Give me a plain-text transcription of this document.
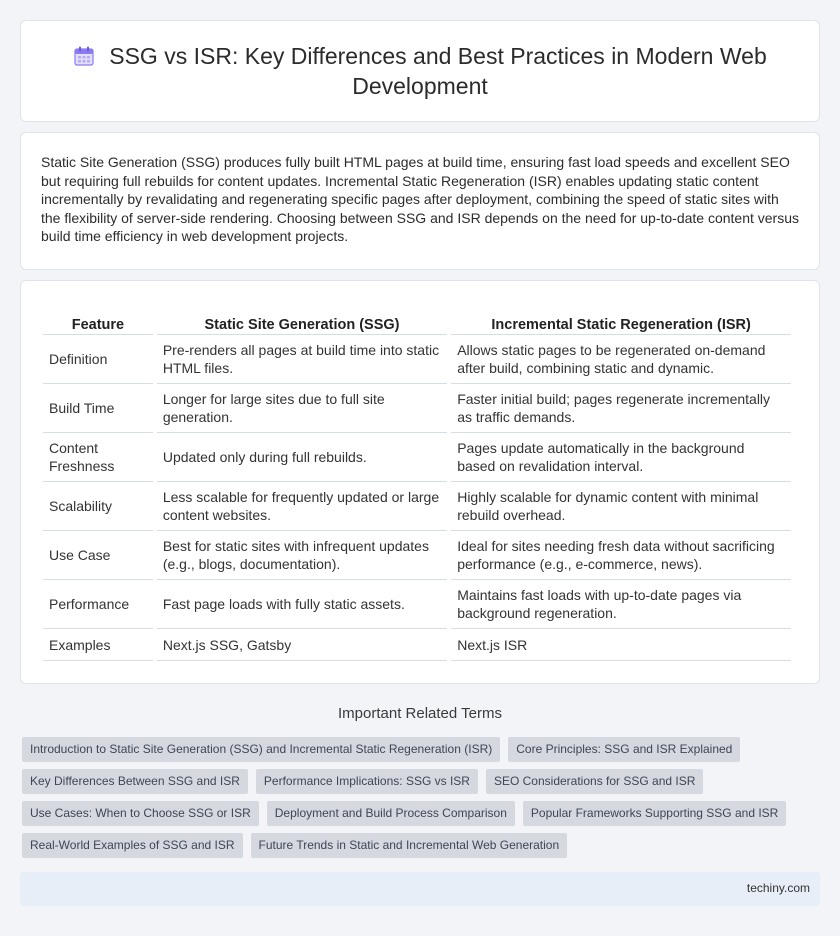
SSG vs ISR: Key Differences and Best Practices in Modern Web Development

Static Site Generation (SSG) produces fully built HTML pages at build time, ensuring fast load speeds and excellent SEO but requiring full rebuilds for content updates. Incremental Static Regeneration (ISR) enables updating static content incrementally by revalidating and regenerating specific pages after deployment, combining the speed of static sites with the flexibility of server-side rendering. Choosing between SSG and ISR depends on the need for up-to-date content versus build time efficiency in web development projects.

Feature	Static Site Generation (SSG)	Incremental Static Regeneration (ISR)
Definition	Pre-renders all pages at build time into static HTML files.	Allows static pages to be regenerated on-demand after build, combining static and dynamic.
Build Time	Longer for large sites due to full site generation.	Faster initial build; pages regenerate incrementally as traffic demands.
Content Freshness	Updated only during full rebuilds.	Pages update automatically in the background based on revalidation interval.
Scalability	Less scalable for frequently updated or large content websites.	Highly scalable for dynamic content with minimal rebuild overhead.
Use Case	Best for static sites with infrequent updates (e.g., blogs, documentation).	Ideal for sites needing fresh data without sacrificing performance (e.g., e-commerce, news).
Performance	Fast page loads with fully static assets.	Maintains fast loads with up-to-date pages via background regeneration.
Examples	Next.js SSG, Gatsby	Next.js ISR
Important Related Terms
Introduction to Static Site Generation (SSG) and Incremental Static Regeneration (ISR)	Core Principles: SSG and ISR Explained
Key Differences Between SSG and ISR	Performance Implications: SSG vs ISR	SEO Considerations for SSG and ISR
Use Cases: When to Choose SSG or ISR	Deployment and Build Process Comparison	Popular Frameworks Supporting SSG and ISR
Real-World Examples of SSG and ISR	Future Trends in Static and Incremental Web Generation
techiny.com
